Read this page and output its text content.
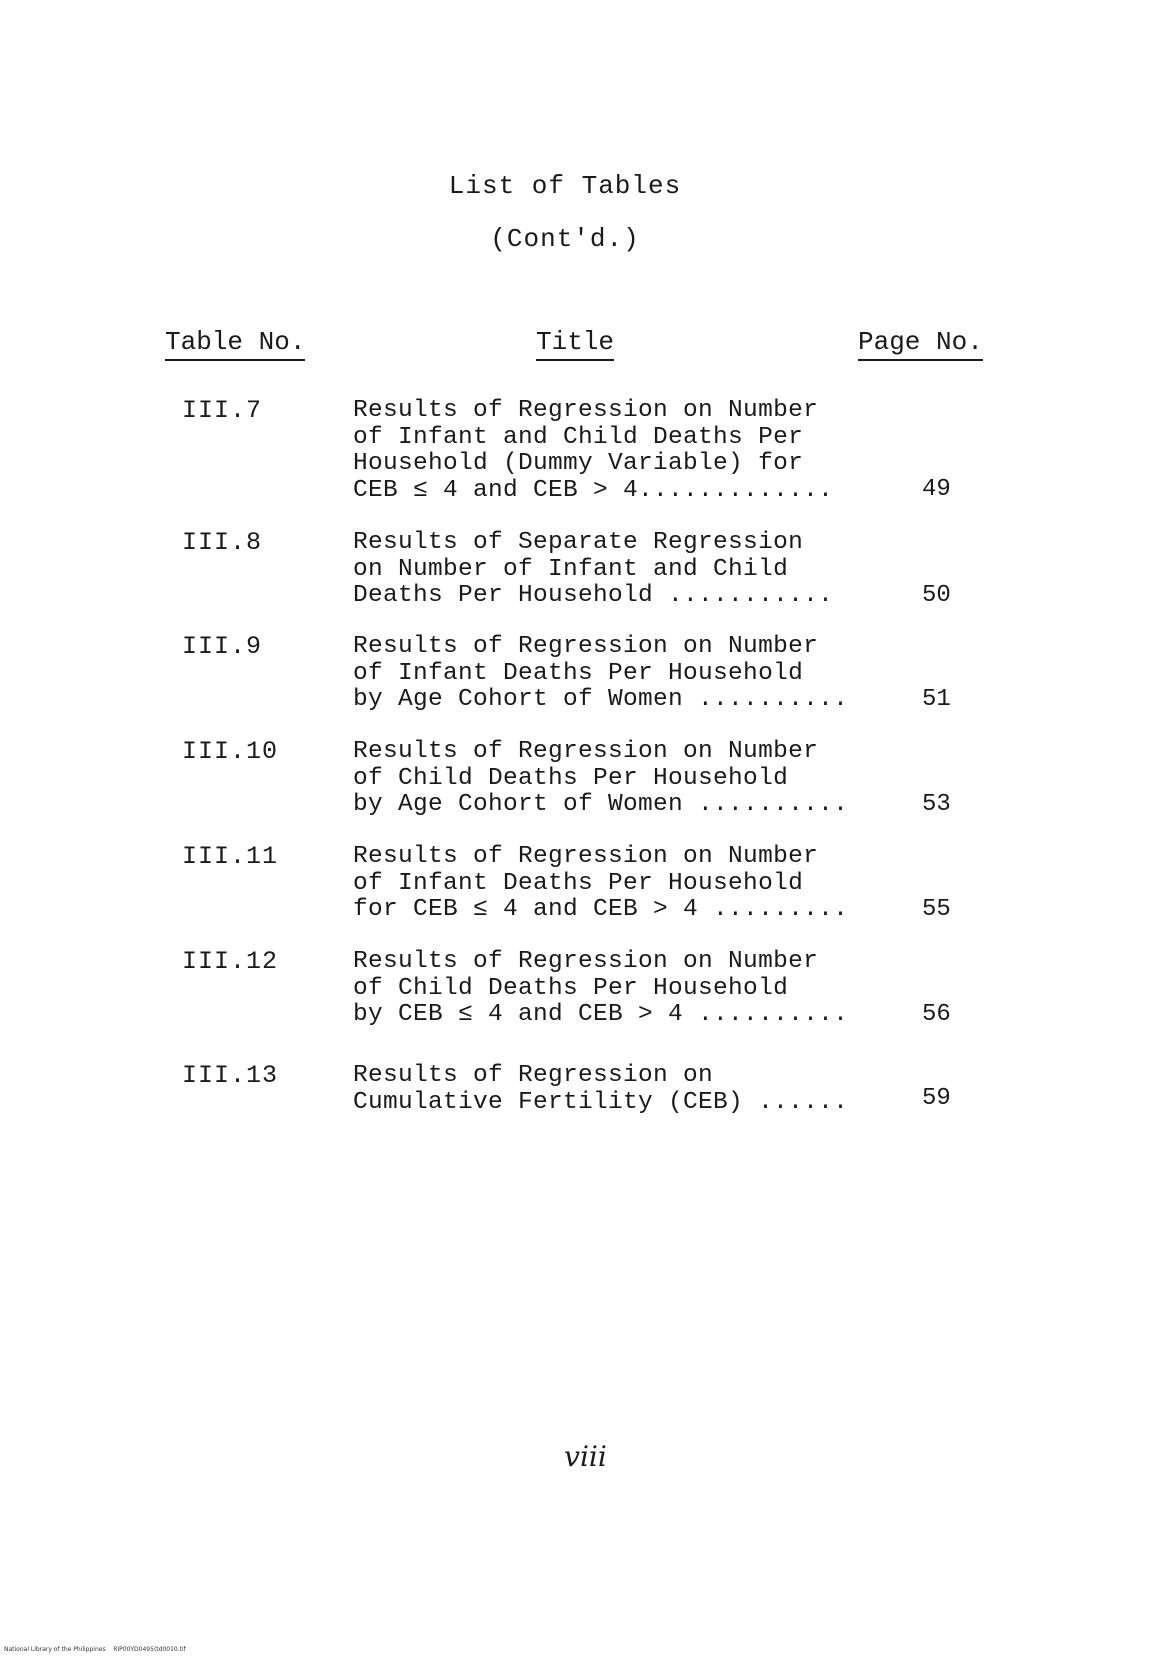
List of Tables
(Cont'd.)
Table No.	Title	Page No.
III.7	Results of Regression on Number
of Infant and Child Deaths Per
Household (Dummy Variable) for
CEB ≤ 4 and CEB > 4.............	49
III.8	Results of Separate Regression
on Number of Infant and Child
Deaths Per Household ...........	50
III.9	Results of Regression on Number
of Infant Deaths Per Household
by Age Cohort of Women ..........	51
III.10	Results of Regression on Number
of Child Deaths Per Household
by Age Cohort of Women ..........	53
III.11	Results of Regression on Number
of Infant Deaths Per Household
for CEB ≤ 4 and CEB > 4 .........	55
III.12	Results of Regression on Number
of Child Deaths Per Household
by CEB ≤ 4 and CEB > 4 ..........	56
III.13	Results of Regression on
Cumulative Fertility (CEB) ......	59
viii
National Library of the Philippines    RIP00YD0495(td0010.tif
